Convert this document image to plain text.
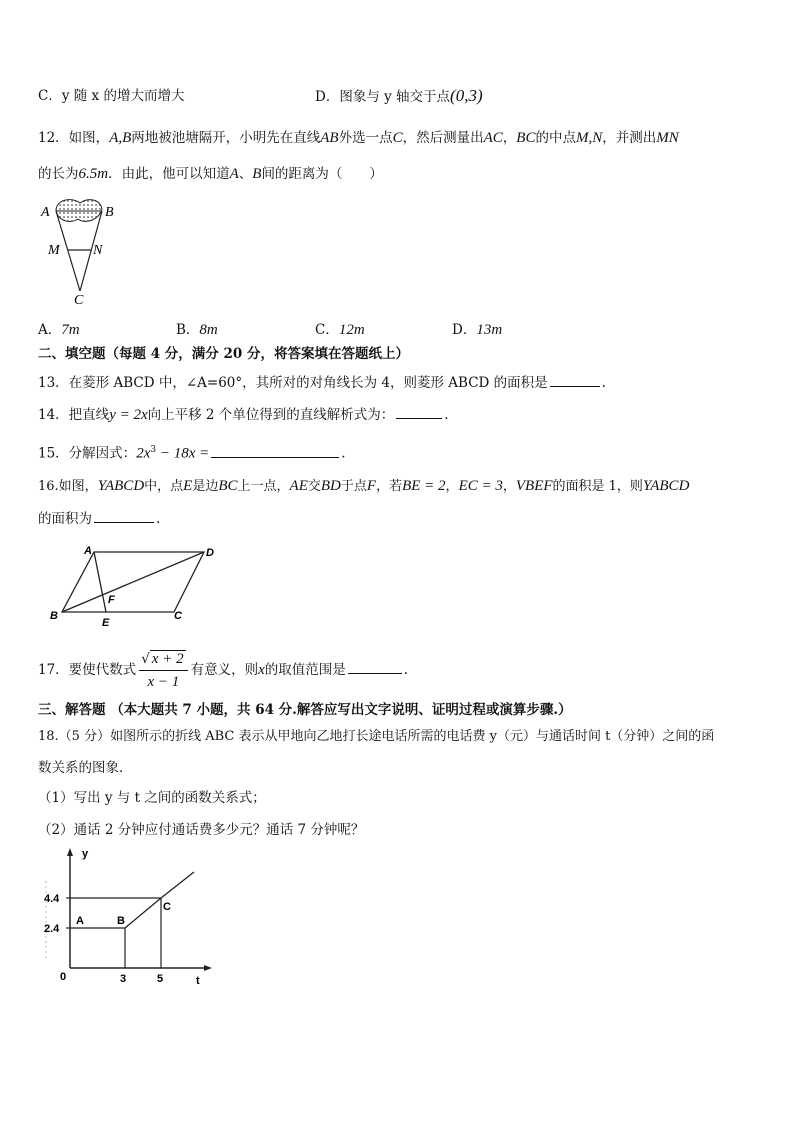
C．y 随 x 的增大而增大	D．图象与 y 轴交于点(0,3)
12．如图，A,B两地被池塘隔开，小明先在直线AB外选一点C，然后测量出AC，BC的中点M,N，并测出MN
的长为6.5m．由此，他可以知道A、B间的距离为（　　）
A	B
M N
C
A．7m	B．8m	C．12m	D．13m
二、填空题（每题 4 分，满分 20 分，将答案填在答题纸上）
13．在菱形 ABCD 中，∠A=60°，其所对的对角线长为 4，则菱形 ABCD 的面积是	.
14．把直线y = 2x向上平移 2 个单位得到的直线解析式为：	.
15．分解因式：$2x^3 - 18x$ =	.
16.如图，YABCD中，点E是边BC上一点，AE交BD于点F，若BE = 2，EC = 3，VBEF的面积是 1，则YABCD
的面积为	.
A	D
B	C
E
F
17．要使代数式 $\frac{√ x + 2}{x - 1}$ 有意义，则x的取值范围是	.
三、解答题 （本大题共 7 小题，共 64 分.解答应写出文字说明、证明过程或演算步骤.）
18.（5 分）如图所示的折线 ABC 表示从甲地向乙地打长途电话所需的电话费 y（元）与通话时间 t（分钟）之间的函
数关系的图象.
（1）写出 y 与 t 之间的函数关系式；
（2）通话 2 分钟应付通话费多少元？通话 7 分钟呢？
y
t
0
4.4
2.4
3	5
A	B
C
